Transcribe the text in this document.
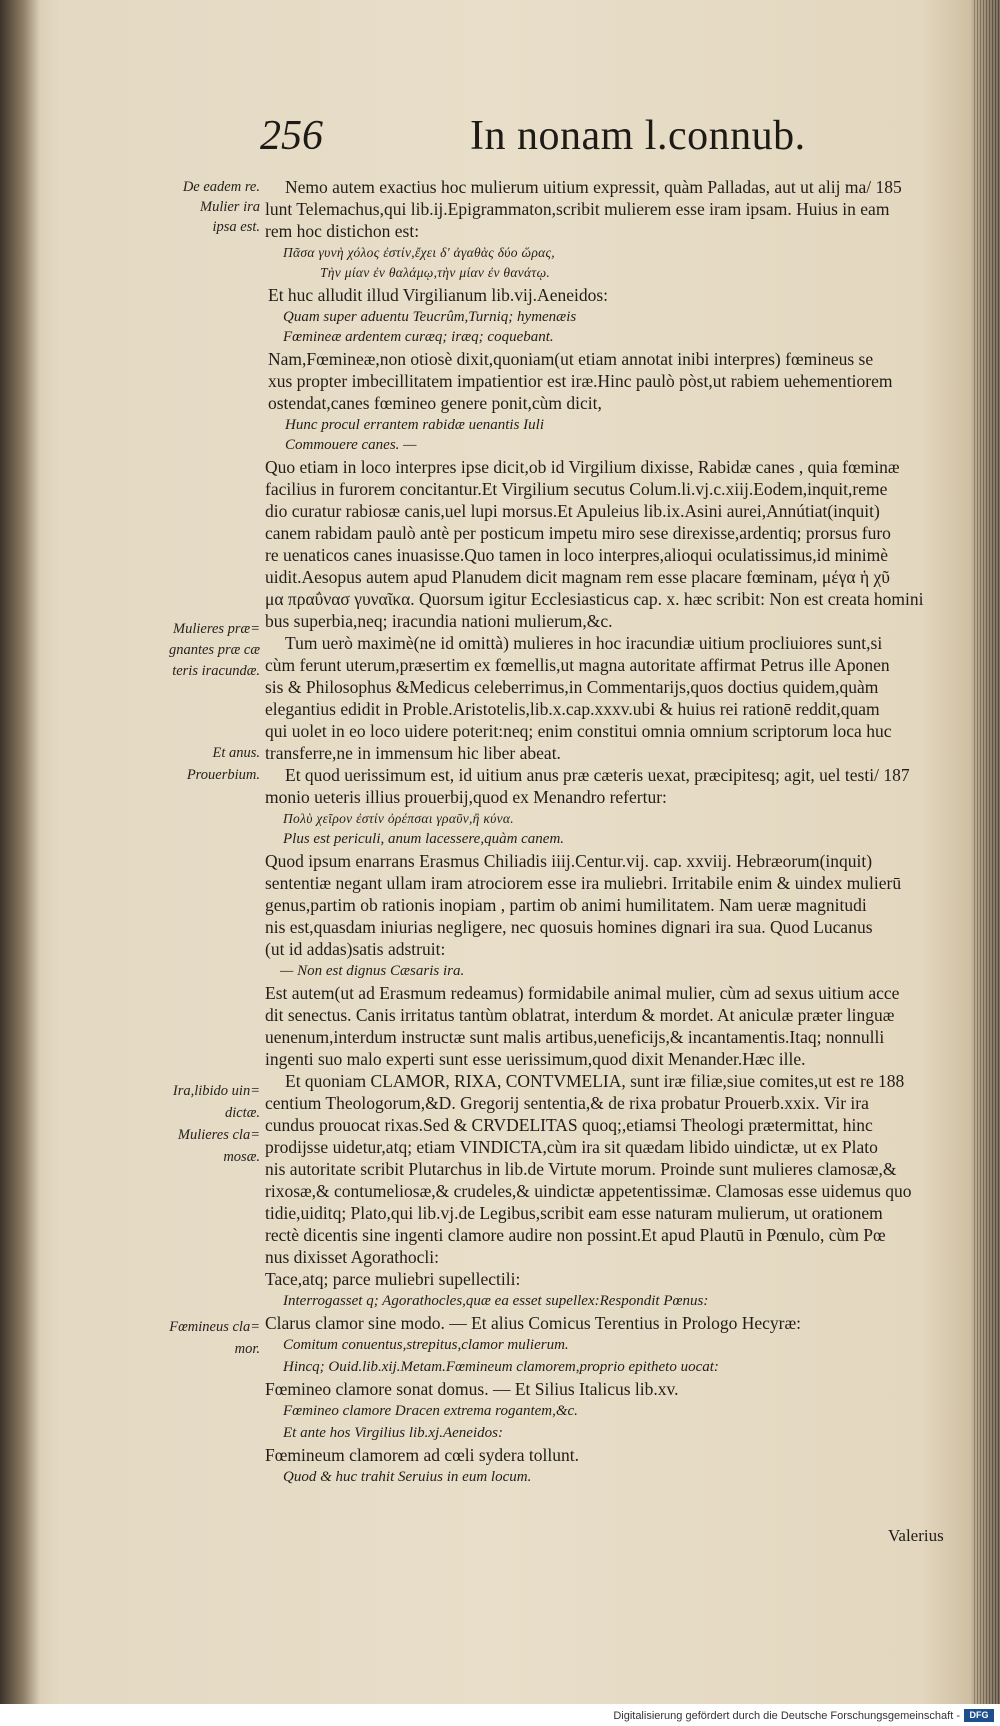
256	In nonam l.connub.
De eadem re.
Mulier ira
ipsa est.
Mulieres præ=
gnantes præ cæ
teris iracundæ.
Et anus.
Prouerbium.
Ira,libido uin=
dictæ.
Mulieres cla=
mosæ.
Fœmineus cla=
mor.
Nemo autem exactius hoc mulierum uitium expressit, quàm Palladas, aut ut alij ma/ 185
lunt Telemachus,qui lib.ij.Epigrammaton,scribit mulierem esse iram ipsam. Huius in eam
rem hoc distichon est:
Πᾶσα γυνὴ χόλος ἐστίν,ἔχει δ' ἀγαθὰς δύο ὥρας,
Τὴν μίαν ἐν θαλάμῳ,τὴν μίαν ἐν θανάτῳ.
Et huc alludit illud Virgilianum lib.vij.Aeneidos:
Quam super aduentu Teucrûm,Turniq; hymenæis
Fœmineæ ardentem curæq; iræq; coquebant.
Nam,Fœmineæ,non otiosè dixit,quoniam(ut etiam annotat inibi interpres) fœmineus se
xus propter imbecillitatem impatientior est iræ.Hinc paulò pòst,ut rabiem uehementiorem
ostendat,canes fœmineo genere ponit,cùm dicit,
Hunc procul errantem rabidæ uenantis Iuli
Commouere canes. —
Quo etiam in loco interpres ipse dicit,ob id Virgilium dixisse, Rabidæ canes , quia fœminæ
facilius in furorem concitantur.Et Virgilium secutus Colum.li.vj.c.xiij.Eodem,inquit,reme
dio curatur rabiosæ canis,uel lupi morsus.Et Apuleius lib.ix.Asini aurei,Annútiat(inquit)
canem rabidam paulò antè per posticum impetu miro sese direxisse,ardentiq; prorsus furo
re uenaticos canes inuasisse.Quo tamen in loco interpres,alioqui oculatissimus,id minimè
uidit.Aesopus autem apud Planudem dicit magnam rem esse placare fœminam, μέγα ἡ χῦ
μα πραΰνασ γυναῖκα. Quorsum igitur Ecclesiasticus cap. x. hæc scribit: Non est creata homini
bus superbia,neq; iracundia nationi mulierum,&c.
Tum uerò maximè(ne id omittà) mulieres in hoc iracundiæ uitium procliuiores sunt,si
cùm ferunt uterum,præsertim ex fœmellis,ut magna autoritate affirmat Petrus ille Aponen
sis & Philosophus &Medicus celeberrimus,in Commentarijs,quos doctius quidem,quàm
elegantius edidit in Proble.Aristotelis,lib.x.cap.xxxv.ubi & huius rei rationē reddit,quam
qui uolet in eo loco uidere poterit:neq; enim constitui omnia omnium scriptorum loca huc
transferre,ne in immensum hic liber abeat.
Et quod uerissimum est, id uitium anus præ cæteris uexat, præcipitesq; agit, uel testi/ 187
monio ueteris illius prouerbij,quod ex Menandro refertur:
Πολὺ χεῖρον ἐστίν ὀρέπσαι γραῦν,ἢ κύνα.
Plus est periculi, anum lacessere,quàm canem.
Quod ipsum enarrans Erasmus Chiliadis iiij.Centur.vij. cap. xxviij. Hebræorum(inquit)
sententiæ negant ullam iram atrociorem esse ira muliebri. Irritabile enim & uindex mulierū
genus,partim ob rationis inopiam , partim ob animi humilitatem. Nam ueræ magnitudi
nis est,quasdam iniurias negligere, nec quosuis homines dignari ira sua. Quod Lucanus
(ut id addas)satis adstruit:
— Non est dignus Cæsaris ira.
Est autem(ut ad Erasmum redeamus) formidabile animal mulier, cùm ad sexus uitium acce
dit senectus. Canis irritatus tantùm oblatrat, interdum & mordet. At aniculæ præter linguæ
uenenum,interdum instructæ sunt malis artibus,ueneficijs,& incantamentis.Itaq; nonnulli
ingenti suo malo experti sunt esse uerissimum,quod dixit Menander.Hæc ille.
Et quoniam CLAMOR, RIXA, CONTVMELIA, sunt iræ filiæ,siue comites,ut est re 188
centium Theologorum,&D. Gregorij sententia,& de rixa probatur Prouerb.xxix. Vir ira
cundus prouocat rixas.Sed & CRVDELITAS quoq;,etiamsi Theologi prætermittat, hinc
prodijsse uidetur,atq; etiam VINDICTA,cùm ira sit quædam libido uindictæ, ut ex Plato
nis autoritate scribit Plutarchus in lib.de Virtute morum. Proinde sunt mulieres clamosæ,&
rixosæ,& contumeliosæ,& crudeles,& uindictæ appetentissimæ. Clamosas esse uidemus quo
tidie,uiditq; Plato,qui lib.vj.de Legibus,scribit eam esse naturam mulierum, ut orationem
rectè dicentis sine ingenti clamore audire non possint.Et apud Plautū in Pœnulo, cùm Pœ
nus dixisset Agorathocli:
Tace,atq; parce muliebri supellectili:
Interrogasset q; Agorathocles,quæ ea esset supellex:Respondit Pœnus:
Clarus clamor sine modo. — Et alius Comicus Terentius in Prologo Hecyræ:
Comitum conuentus,strepitus,clamor mulierum.
Hincq; Ouid.lib.xij.Metam.Fœmineum clamorem,proprio epitheto uocat:
Fœmineo clamore sonat domus. — Et Silius Italicus lib.xv.
Fœmineo clamore Dracen extrema rogantem,&c.
Et ante hos Virgilius lib.xj.Aeneidos:
Fœmineum clamorem ad cœli sydera tollunt.
Quod & huc trahit Seruius in eum locum.
Valerius
Digitalisierung gefördert durch die Deutsche Forschungsgemeinschaft -	DFG
